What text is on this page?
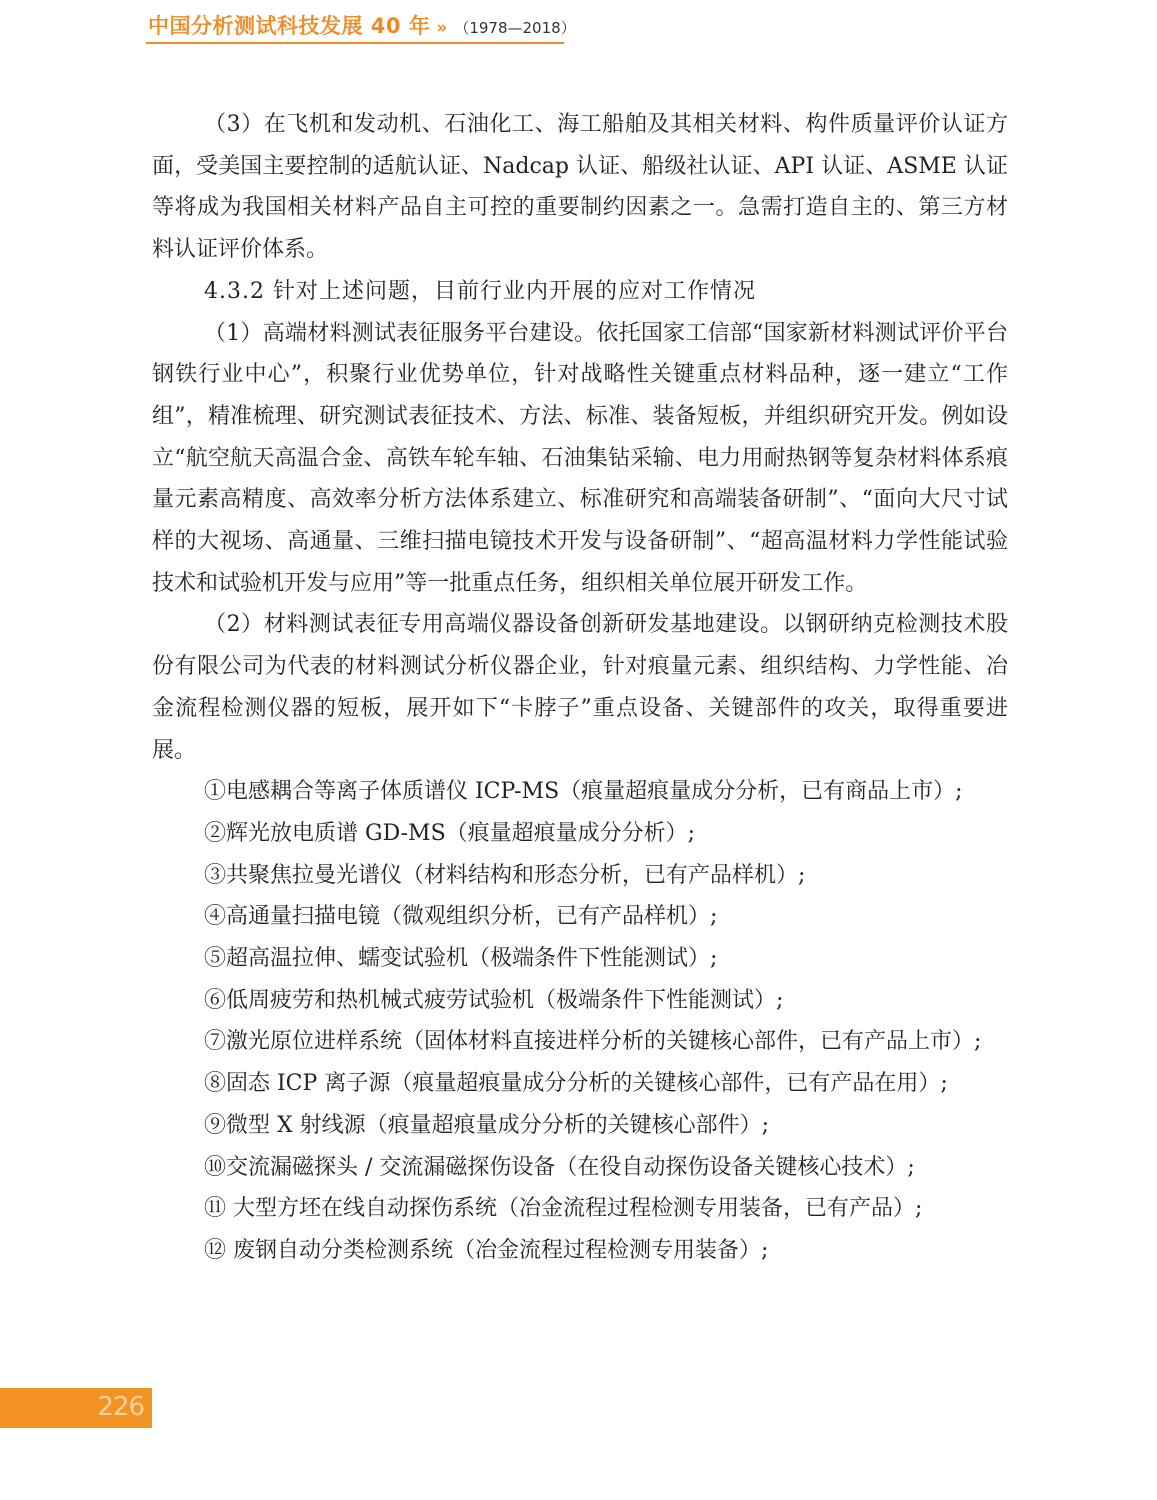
中国分析测试科技发展 40 年 » （1978—2018）

（3）在飞机和发动机、石油化工、海工船舶及其相关材料、构件质量评价认证方面，受美国主要控制的适航认证、Nadcap 认证、船级社认证、API 认证、ASME 认证等将成为我国相关材料产品自主可控的重要制约因素之一。急需打造自主的、第三方材料认证评价体系。

4.3.2 针对上述问题，目前行业内开展的应对工作情况

（1）高端材料测试表征服务平台建设。依托国家工信部“国家新材料测试评价平台钢铁行业中心”，积聚行业优势单位，针对战略性关键重点材料品种，逐一建立“工作组”，精准梳理、研究测试表征技术、方法、标准、装备短板，并组织研究开发。例如设立“航空航天高温合金、高铁车轮车轴、石油集钻采输、电力用耐热钢等复杂材料体系痕量元素高精度、高效率分析方法体系建立、标准研究和高端装备研制”、“面向大尺寸试样的大视场、高通量、三维扫描电镜技术开发与设备研制”、“超高温材料力学性能试验技术和试验机开发与应用”等一批重点任务，组织相关单位展开研发工作。

（2）材料测试表征专用高端仪器设备创新研发基地建设。以钢研纳克检测技术股份有限公司为代表的材料测试分析仪器企业，针对痕量元素、组织结构、力学性能、冶金流程检测仪器的短板，展开如下“卡脖子”重点设备、关键部件的攻关，取得重要进展。

①电感耦合等离子体质谱仪 ICP-MS（痕量超痕量成分分析，已有商品上市）;

②辉光放电质谱 GD-MS（痕量超痕量成分分析）;

③共聚焦拉曼光谱仪（材料结构和形态分析，已有产品样机）;

④高通量扫描电镜（微观组织分析，已有产品样机）;

⑤超高温拉伸、蠕变试验机（极端条件下性能测试）;

⑥低周疲劳和热机械式疲劳试验机（极端条件下性能测试）;

⑦激光原位进样系统（固体材料直接进样分析的关键核心部件，已有产品上市）;

⑧固态 ICP 离子源（痕量超痕量成分分析的关键核心部件，已有产品在用）;

⑨微型 X 射线源（痕量超痕量成分分析的关键核心部件）;

⑩交流漏磁探头 / 交流漏磁探伤设备（在役自动探伤设备关键核心技术）;

⑪ 大型方坯在线自动探伤系统（冶金流程过程检测专用装备，已有产品）;

⑫ 废钢自动分类检测系统（冶金流程过程检测专用装备）;

226
